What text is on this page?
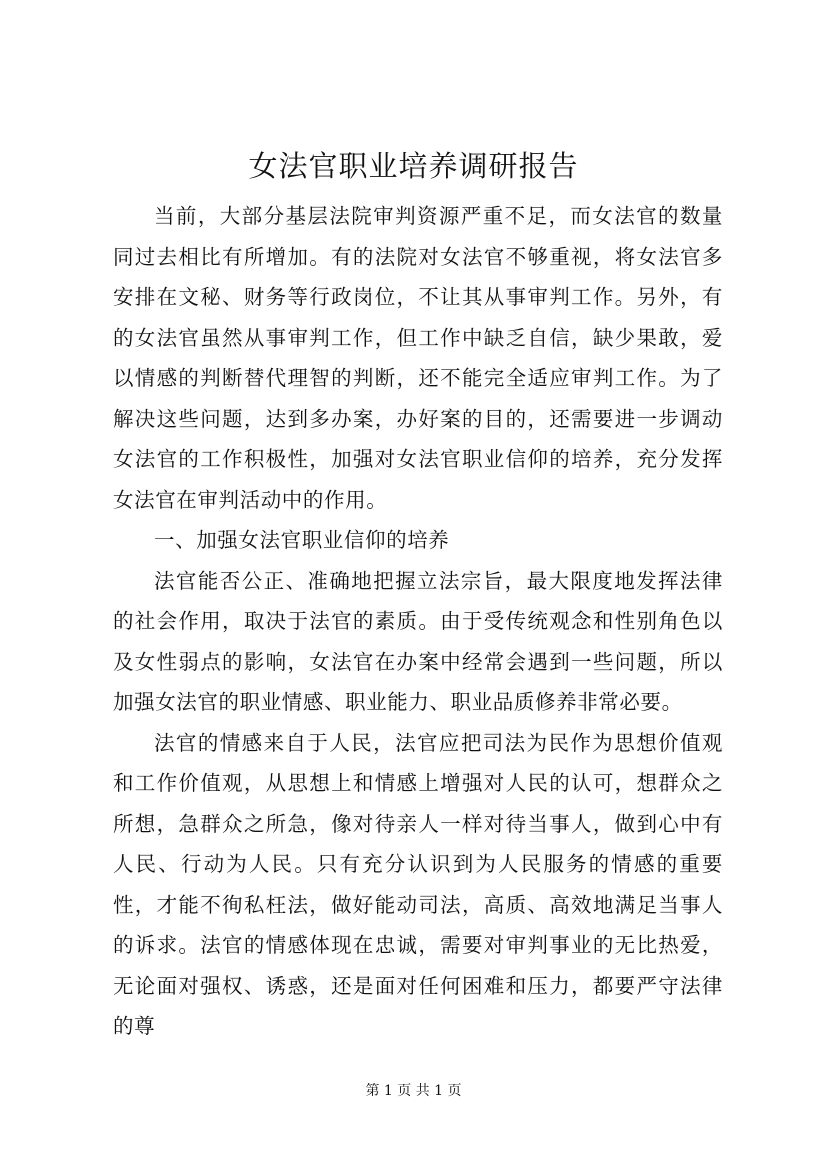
女法官职业培养调研报告

当前，大部分基层法院审判资源严重不足，而女法官的数量同过去相比有所增加。有的法院对女法官不够重视，将女法官多安排在文秘、财务等行政岗位，不让其从事审判工作。另外，有的女法官虽然从事审判工作，但工作中缺乏自信，缺少果敢，爱以情感的判断替代理智的判断，还不能完全适应审判工作。为了解决这些问题，达到多办案，办好案的目的，还需要进一步调动女法官的工作积极性，加强对女法官职业信仰的培养，充分发挥女法官在审判活动中的作用。

一、加强女法官职业信仰的培养

法官能否公正、准确地把握立法宗旨，最大限度地发挥法律的社会作用，取决于法官的素质。由于受传统观念和性别角色以及女性弱点的影响，女法官在办案中经常会遇到一些问题，所以加强女法官的职业情感、职业能力、职业品质修养非常必要。

法官的情感来自于人民，法官应把司法为民作为思想价值观和工作价值观，从思想上和情感上增强对人民的认可，想群众之所想，急群众之所急，像对待亲人一样对待当事人，做到心中有人民、行动为人民。只有充分认识到为人民服务的情感的重要性，才能不徇私枉法，做好能动司法，高质、高效地满足当事人的诉求。法官的情感体现在忠诚，需要对审判事业的无比热爱，无论面对强权、诱惑，还是面对任何困难和压力，都要严守法律的尊

第 1 页 共 1 页
